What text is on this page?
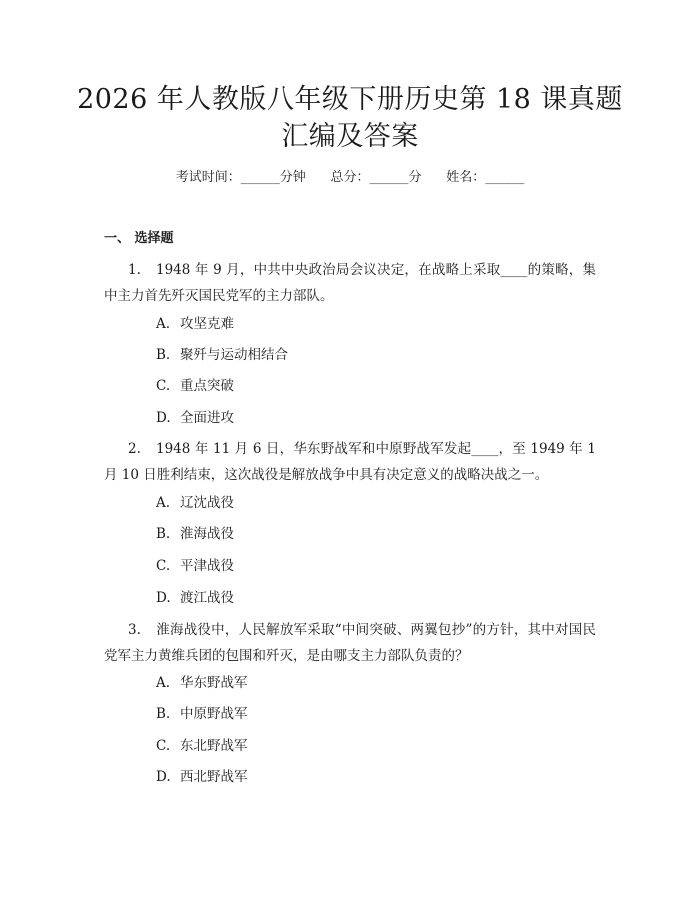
2026 年人教版八年级下册历史第 18 课真题
汇编及答案
考试时间：______分钟      总分：______分      姓名：______
一、 选择题
1. 1948 年 9 月，中共中央政治局会议决定，在战略上采取____的策略，集中主力首先歼灭国民党军的主力部队。
A. 攻坚克难
B. 聚歼与运动相结合
C. 重点突破
D. 全面进攻
2. 1948 年 11 月 6 日，华东野战军和中原野战军发起____，至 1949 年 1 月 10 日胜利结束，这次战役是解放战争中具有决定意义的战略决战之一。
A. 辽沈战役
B. 淮海战役
C. 平津战役
D. 渡江战役
3. 淮海战役中，人民解放军采取“中间突破、两翼包抄”的方针，其中对国民党军主力黄维兵团的包围和歼灭，是由哪支主力部队负责的？
A. 华东野战军
B. 中原野战军
C. 东北野战军
D. 西北野战军
